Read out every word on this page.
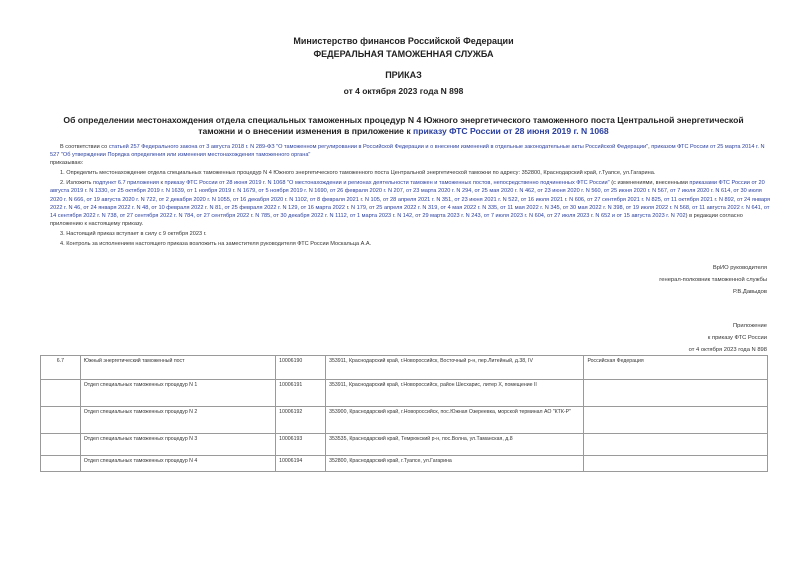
Министерство финансов Российской Федерации
ФЕДЕРАЛЬНАЯ ТАМОЖЕННАЯ СЛУЖБА
ПРИКАЗ
от 4 октября 2023 года N 898
Об определении местонахождения отдела специальных таможенных процедур N 4 Южного энергетического таможенного поста Центральной энергетической таможни и о внесении изменения в приложение к приказу ФТС России от 28 июня 2019 г. N 1068

В соответствии со статьей 257 Федерального закона от 3 августа 2018 г. N 289-ФЗ "О таможенном регулировании в Российской Федерации и о внесении изменений в отдельные законодательные акты Российской Федерации", приказом ФТС России от 25 марта 2014 г. N 527 "Об утверждении Порядка определения или изменения местонахождения таможенного органа"

приказываю:

1. Определить местонахождение отдела специальных таможенных процедур N 4 Южного энергетического таможенного поста Центральной энергетической таможни по адресу: 352800, Краснодарский край, г.Туапсе, ул.Гагарина.

2. Изложить подпункт 6.7 приложения к приказу ФТС России от 28 июня 2019 г. N 1068 "О местонахождении и регионах деятельности таможен и таможенных постов, непосредственно подчиненных ФТС России" (с изменениями, внесенными приказами ФТС России от 20 августа 2019 г. N 1330, от 25 октября 2019 г. N 1639, от 1 ноября 2019 г. N 1679, от 5 ноября 2019 г. N 1690, от 26 февраля 2020 г. N 207, от 23 марта 2020 г. N 294, от 25 мая 2020 г. N 462, от 23 июня 2020 г. N 560, от 25 июня 2020 г. N 567, от 7 июля 2020 г. N 614, от 30 июля 2020 г. N 666, от 19 августа 2020 г. N 722, от 2 декабря 2020 г. N 1055, от 16 декабря 2020 г. N 1102, от 8 февраля 2021 г. N 105, от 28 апреля 2021 г. N 351, от 23 июня 2021 г. N 522, от 16 июля 2021 г. N 606, от 27 сентября 2021 г. N 825, от 11 октября 2021 г. N 892, от 24 января 2022 г. N 46, от 24 января 2022 г. N 48, от 10 февраля 2022 г. N 81, от 25 февраля 2022 г. N 129, от 16 марта 2022 г. N 179, от 25 апреля 2022 г. N 319, от 4 мая 2022 г. N 335, от 11 мая 2022 г. N 345, от 30 мая 2022 г. N 398, от 19 июля 2022 г. N 568, от 11 августа 2022 г. N 641, от 14 сентября 2022 г. N 738, от 27 сентября 2022 г. N 784, от 27 сентября 2022 г. N 785, от 30 декабря 2022 г. N 1112, от 1 марта 2023 г. N 142, от 29 марта 2023 г. N 243, от 7 июля 2023 г. N 604, от 27 июля 2023 г. N 652 и от 15 августа 2023 г. N 702) в редакции согласно приложению к настоящему приказу.

3. Настоящий приказ вступает в силу с 9 октября 2023 г.

4. Контроль за исполнением настоящего приказа возложить на заместителя руководителя ФТС России Москальца А.А.

ВрИО руководителя
генерал-полковник таможенной службы
Р.В.Давыдов
Приложение
к приказу ФТС России
от 4 октября 2023 года N 898
6.7	Южный энергетический таможенный пост	10006190	353911, Краснодарский край, г.Новороссийск, Восточный р-н, пер.Литейный, д.38, IV	Российская Федерация
	Отдел специальных таможенных процедур N 1	10006191	353911, Краснодарский край, г.Новороссийск, район Шесхарис, литер Х, помещение II	
	Отдел специальных таможенных процедур N 2	10006192	353900, Краснодарский край, г.Новороссийск, пос.Южная Озереевка, морской терминал АО "КТК-Р"	
	Отдел специальных таможенных процедур N 3	10006193	353535, Краснодарский край, Темрюкский р-н, пос.Волна, ул.Таманская, д.8	
	Отдел специальных таможенных процедур N 4	10006194	352800, Краснодарский край, г.Туапсе, ул.Гагарина	
